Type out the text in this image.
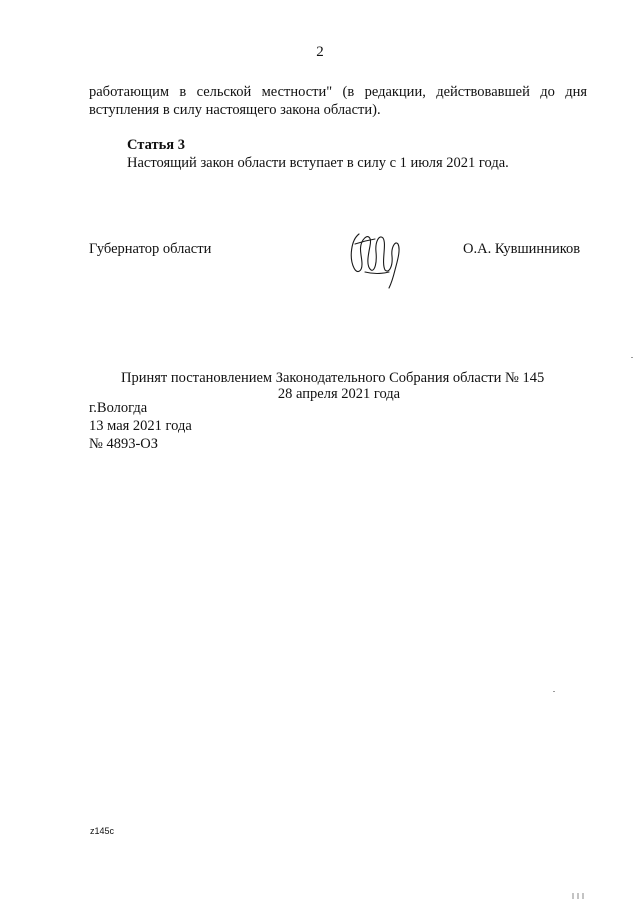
2
работающим в сельской местности" (в редакции, действовавшей до дня
вступления в силу настоящего закона области).
Статья 3
Настоящий закон области вступает в силу с 1 июля 2021 года.
Губернатор области	О.А. Кувшинников
Принят постановлением Законодательного Собрания области № 145
28 апреля 2021 года
г.Вологда
13 мая 2021 года
№ 4893-ОЗ
z145c
